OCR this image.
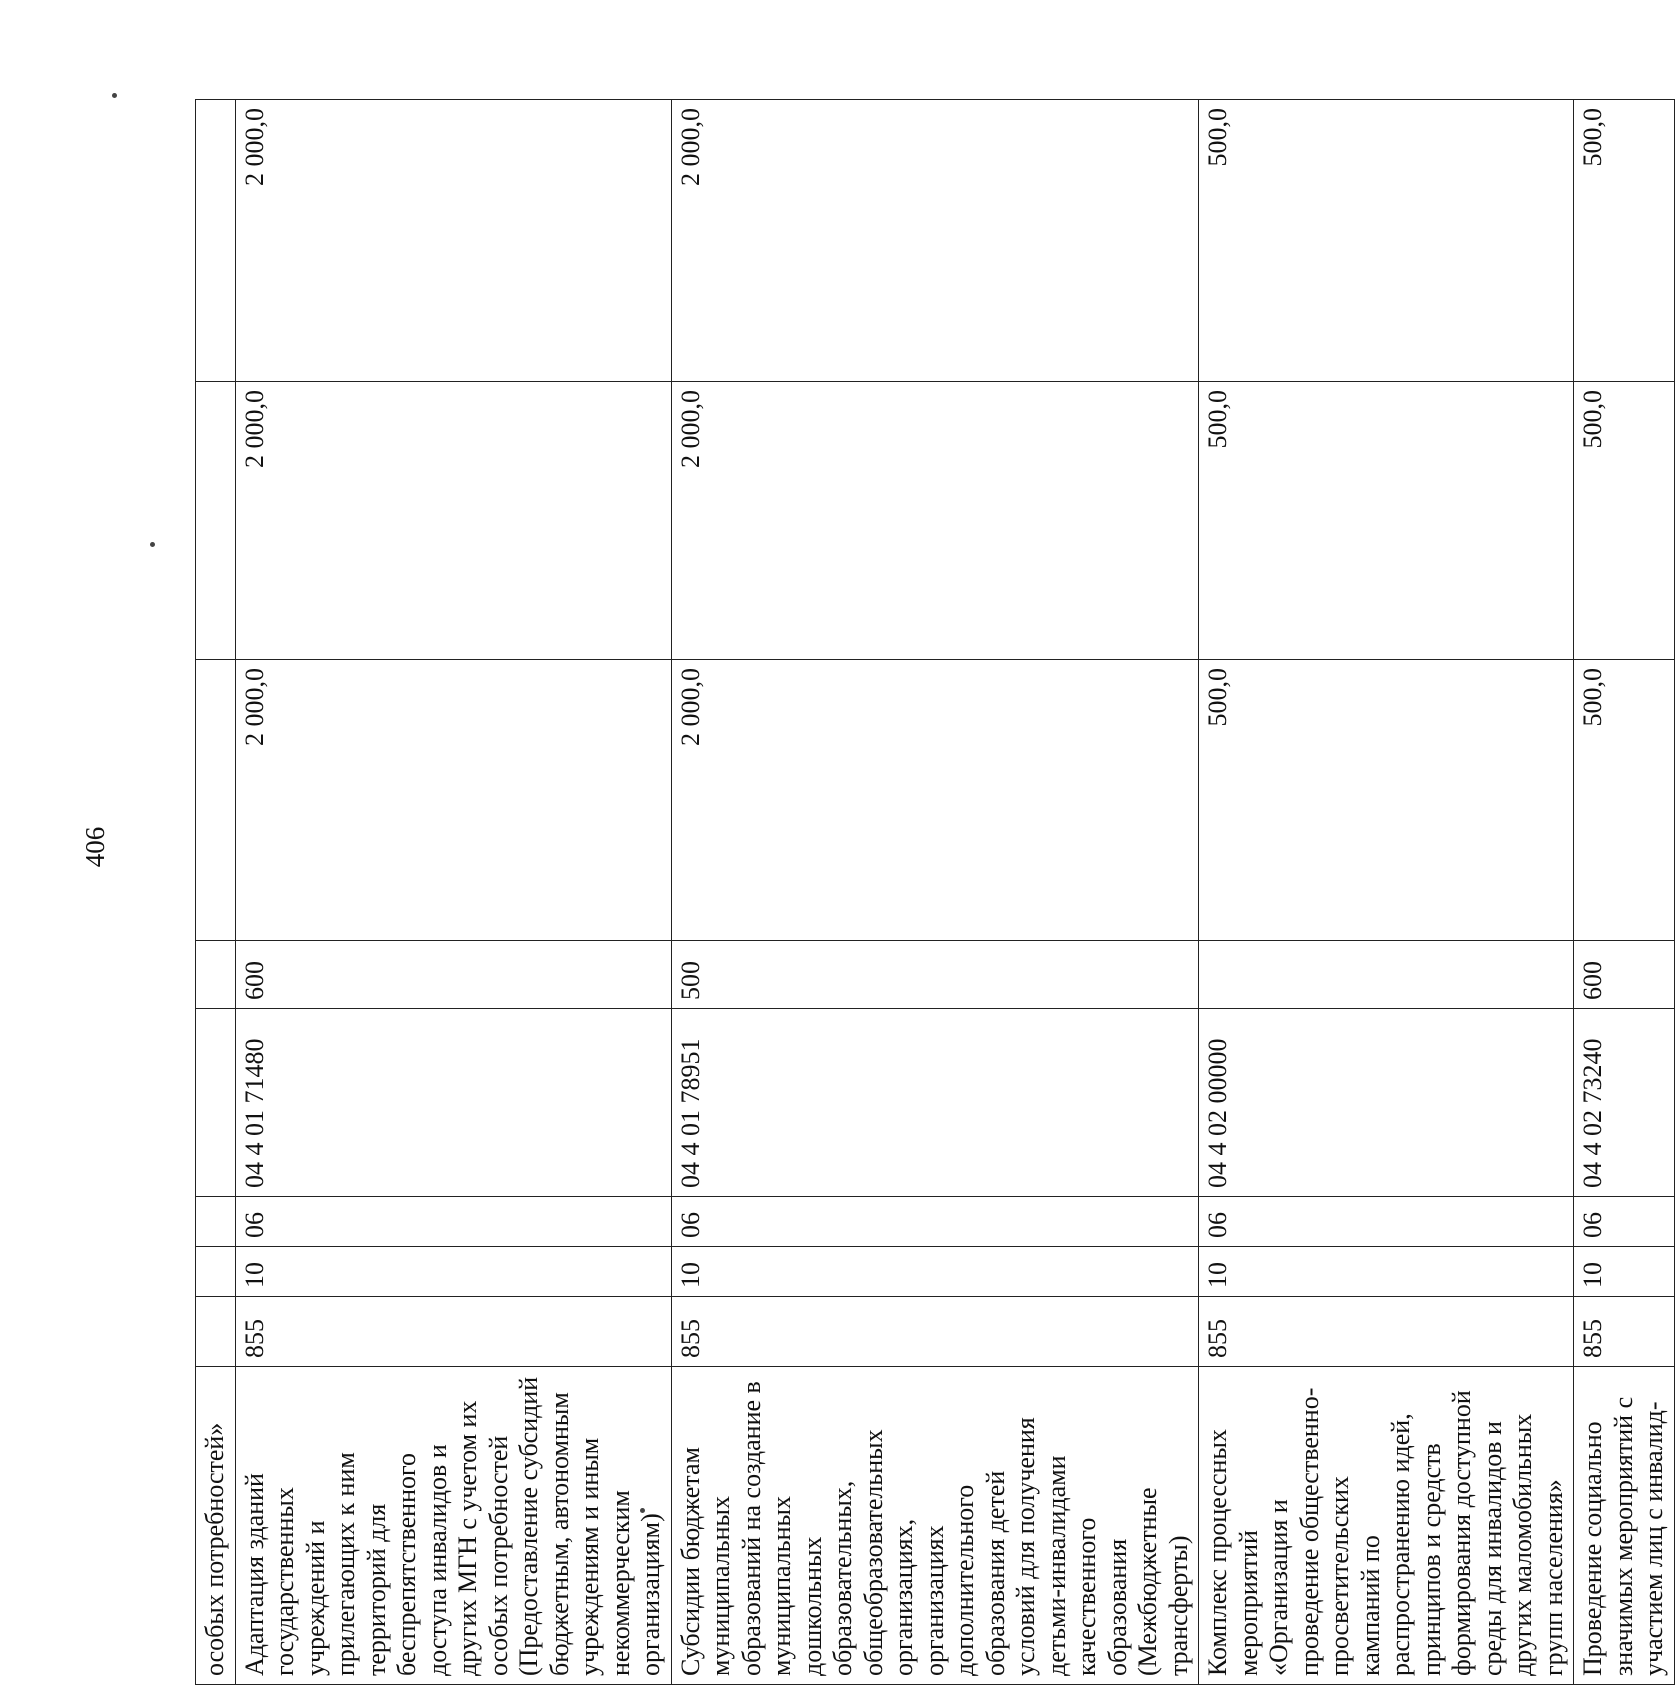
406
особых потребностей»								

Адаптация зданий государственных учреждений и прилегающих к ним территорий для беспрепятственного доступа инвалидов и других МГН с учетом их особых потребностей (Предоставление субсидий бюджетным, автономным учреждениям и иным некоммерческим организациям)	855	10	06	04 4 01 71480	600	2 000,0	2 000,0	2 000,0

Субсидии бюджетам муниципальных образований на создание в муниципальных дошкольных образовательных, общеобразовательных организациях, организациях дополнительного образования детей условий для получения детьми-инвалидами качественного образования (Межбюджетные трансферты)	855	10	06	04 4 01 78951	500	2 000,0	2 000,0	2 000,0

Комплекс процессных мероприятий «Организация и проведение общественно-просветительских кампаний по распространению идей, принципов и средств формирования доступной среды для инвалидов и других маломобильных групп населения»	855	10	06	04 4 02 00000		500,0	500,0	500,0

Проведение социально значимых мероприятий с участием лиц с инвалид-	855	10	06	04 4 02 73240	600	500,0	500,0	500,0
